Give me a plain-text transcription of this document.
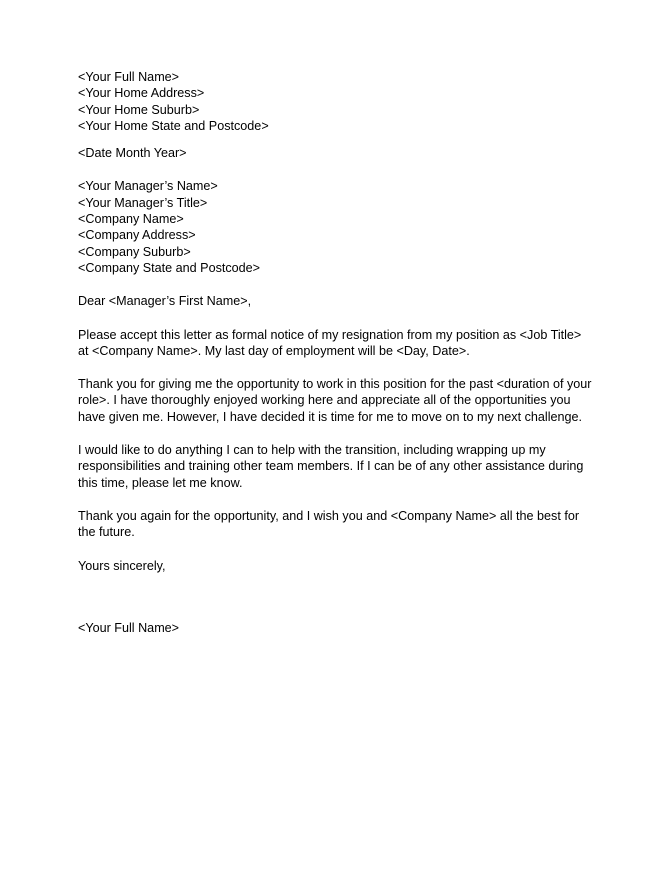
<Your Full Name>
<Your Home Address>
<Your Home Suburb>
<Your Home State and Postcode>
<Date Month Year>
<Your Manager’s Name>
<Your Manager’s Title>
<Company Name>
<Company Address>
<Company Suburb>
<Company State and Postcode>
Dear <Manager’s First Name>,
Please accept this letter as formal notice of my resignation from my position as <Job Title>
at <Company Name>. My last day of employment will be <Day, Date>.
Thank you for giving me the opportunity to work in this position for the past <duration of your
role>. I have thoroughly enjoyed working here and appreciate all of the opportunities you
have given me. However, I have decided it is time for me to move on to my next challenge.
I would like to do anything I can to help with the transition, including wrapping up my
responsibilities and training other team members. If I can be of any other assistance during
this time, please let me know.
Thank you again for the opportunity, and I wish you and <Company Name> all the best for
the future.
Yours sincerely,
<Your Full Name>
